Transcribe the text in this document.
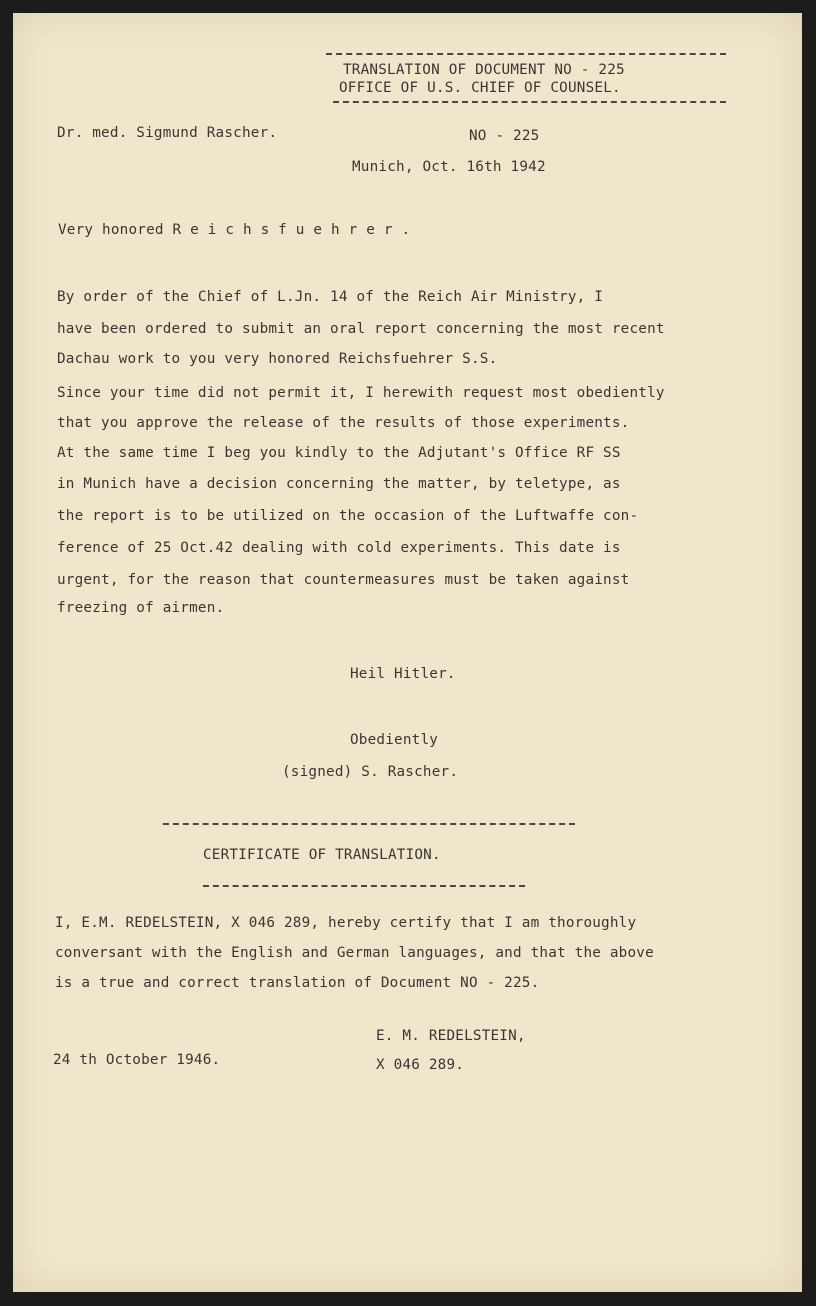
TRANSLATION OF DOCUMENT NO - 225
OFFICE OF U.S. CHIEF OF COUNSEL.
Dr. med. Sigmund Rascher.	NO - 225
Munich, Oct. 16th 1942
Very honored R e i c h s f u e h r e r .
By order of the Chief of L.Jn. 14 of the Reich Air Ministry, I
have been ordered to submit an oral report concerning the most recent
Dachau work to you very honored Reichsfuehrer S.S.
Since your time did not permit it, I herewith request most obediently
that you approve the release of the results of those experiments.
At the same time I beg you kindly to the Adjutant's Office RF SS
in Munich have a decision concerning the matter, by teletype, as
the report is to be utilized on the occasion of the Luftwaffe con-
ference of 25 Oct.42 dealing with cold experiments. This date is
urgent, for the reason that countermeasures must be taken against
freezing of airmen.
Heil Hitler.
Obediently
(signed) S. Rascher.
CERTIFICATE OF TRANSLATION.
I, E.M. REDELSTEIN, X 046 289, hereby certify that I am thoroughly
conversant with the English and German languages, and that the above
is a true and correct translation of Document NO - 225.
E. M. REDELSTEIN,
24 th October 1946.	X 046 289.
